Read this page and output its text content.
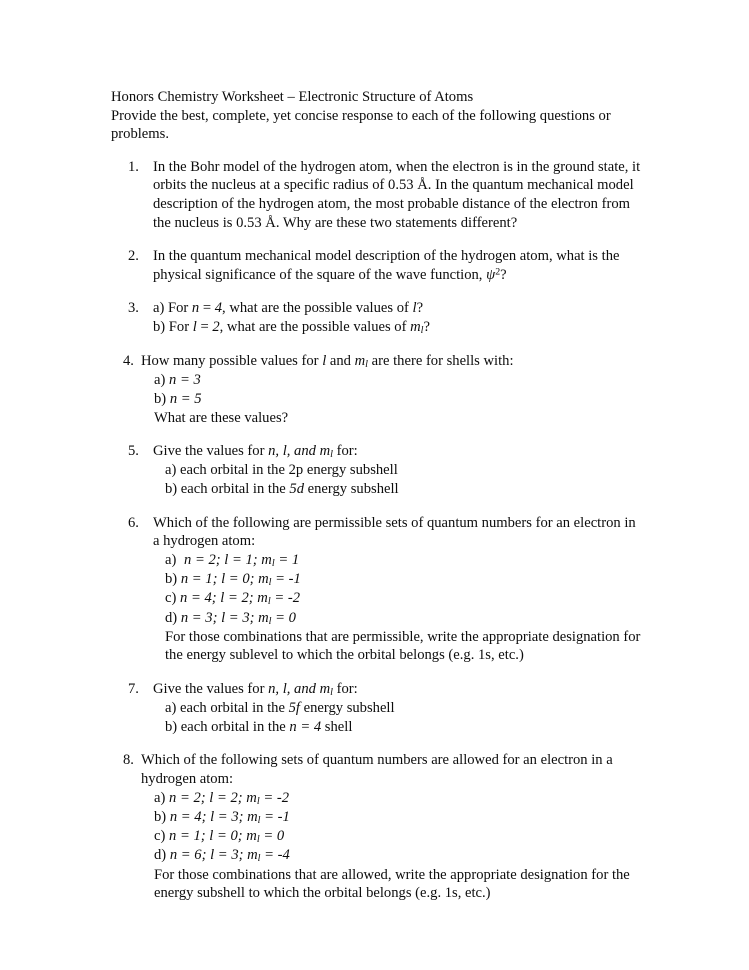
Honors Chemistry Worksheet – Electronic Structure of Atoms
Provide the best, complete, yet concise response to each of the following questions or problems.
1. In the Bohr model of the hydrogen atom, when the electron is in the ground state, it orbits the nucleus at a specific radius of 0.53 Å. In the quantum mechanical model description of the hydrogen atom, the most probable distance of the electron from the nucleus is 0.53 Å. Why are these two statements different?
2. In the quantum mechanical model description of the hydrogen atom, what is the physical significance of the square of the wave function, $\psi^2$?
3. a) For n = 4, what are the possible values of l?
b) For l = 2, what are the possible values of $m_l$?
4. How many possible values for l and $m_l$ are there for shells with:
a) n = 3
b) n = 5
What are these values?
5. Give the values for n, l, and $m_l$ for:
a) each orbital in the 2p energy subshell
b) each orbital in the 5d energy subshell
6. Which of the following are permissible sets of quantum numbers for an electron in a hydrogen atom:
a) n = 2; l = 1; $m_l = 1$
b) n = 1; l = 0; $m_l = -1$
c) n = 4; l = 2; $m_l = -2$
d) n = 3; l = 3; $m_l = 0$
For those combinations that are permissible, write the appropriate designation for the energy sublevel to which the orbital belongs (e.g. 1s, etc.)
7. Give the values for n, l, and $m_l$ for:
a) each orbital in the 5f energy subshell
b) each orbital in the n = 4 shell
8. Which of the following sets of quantum numbers are allowed for an electron in a hydrogen atom:
a) n = 2; l = 2; $m_l = -2$
b) n = 4; l = 3; $m_l = -1$
c) n = 1; l = 0; $m_l = 0$
d) n = 6; l = 3; $m_l = -4$
For those combinations that are allowed, write the appropriate designation for the energy subshell to which the orbital belongs (e.g. 1s, etc.)
